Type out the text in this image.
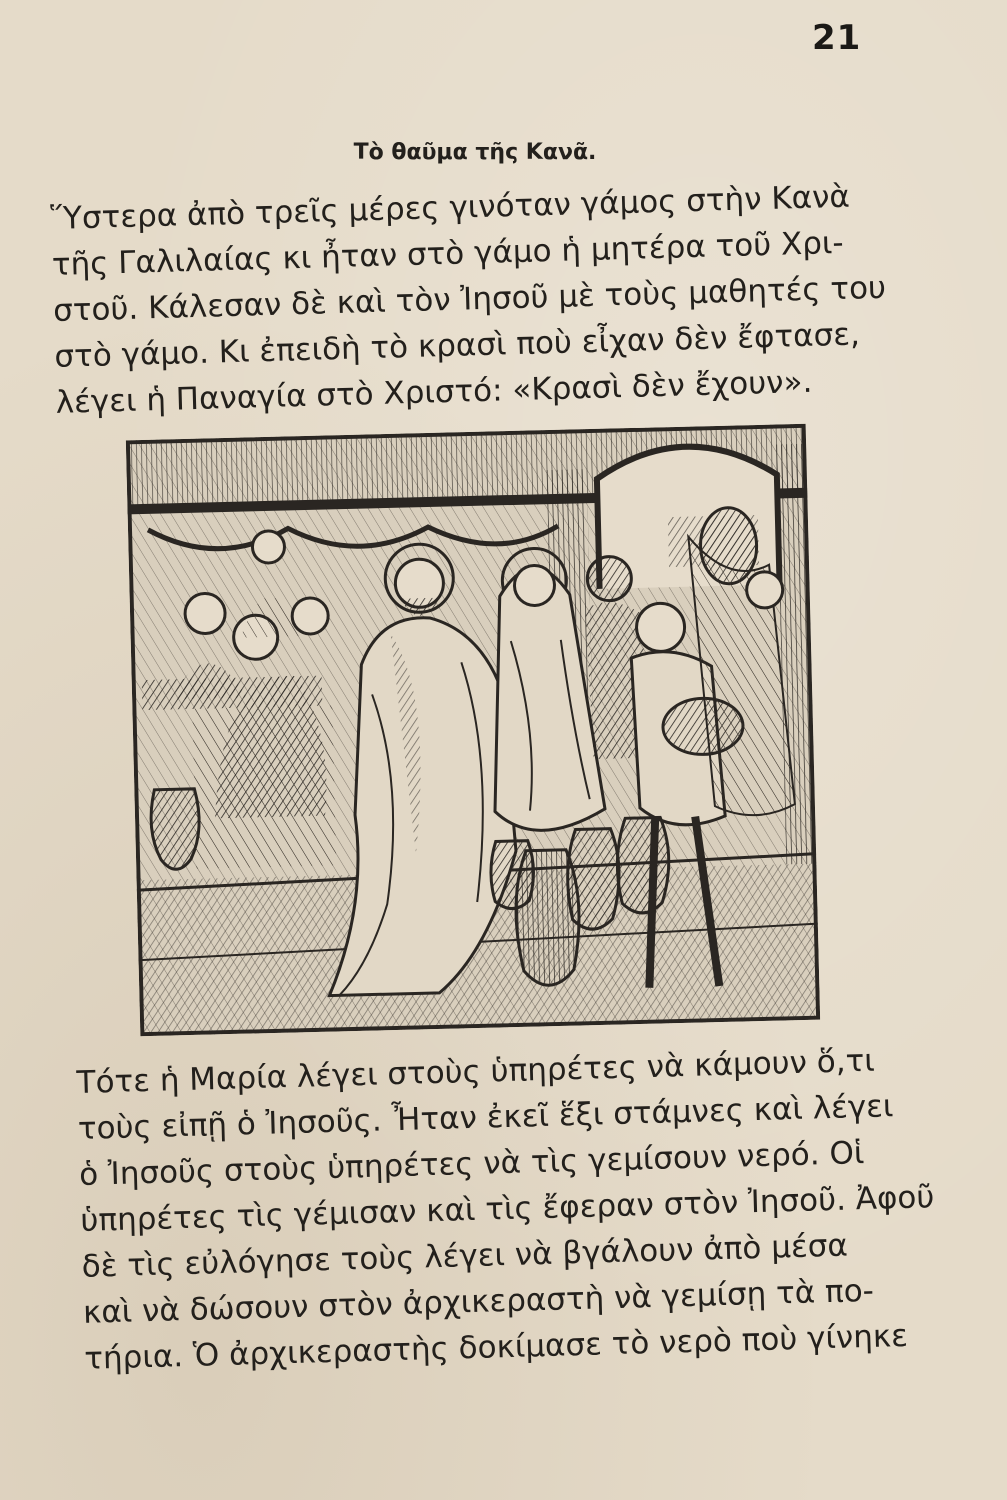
21
Τὸ θαῦμα τῆς Κανᾶ.

Ὕστερα ἀπὸ τρεῖς μέρες γινόταν γάμος στὴν Κανὰ
τῆς Γαλιλαίας κι ἦταν στὸ γάμο ἡ μητέρα τοῦ Χρι-
στοῦ. Κάλεσαν δὲ καὶ τὸν Ἰησοῦ μὲ τοὺς μαθητές του
στὸ γάμο. Κι ἐπειδὴ τὸ κρασὶ ποὺ εἶχαν δὲν ἔφτασε,
λέγει ἡ Παναγία στὸ Χριστό: «Κρασὶ δὲν ἔχουν».

Τότε ἡ Μαρία λέγει στοὺς ὑπηρέτες νὰ κάμουν ὅ,τι
τοὺς εἰπῇ ὁ Ἰησοῦς. Ἦταν ἐκεῖ ἕξι στάμνες καὶ λέγει
ὁ Ἰησοῦς στοὺς ὑπηρέτες νὰ τὶς γεμίσουν νερό. Οἱ
ὑπηρέτες τὶς γέμισαν καὶ τὶς ἔφεραν στὸν Ἰησοῦ. Ἀφοῦ
δὲ τὶς εὐλόγησε τοὺς λέγει νὰ βγάλουν ἀπὸ μέσα
καὶ νὰ δώσουν στὸν ἀρχικεραστὴ νὰ γεμίσῃ τὰ πο-
τήρια. Ὁ ἀρχικεραστὴς δοκίμασε τὸ νερὸ ποὺ γίνηκε
